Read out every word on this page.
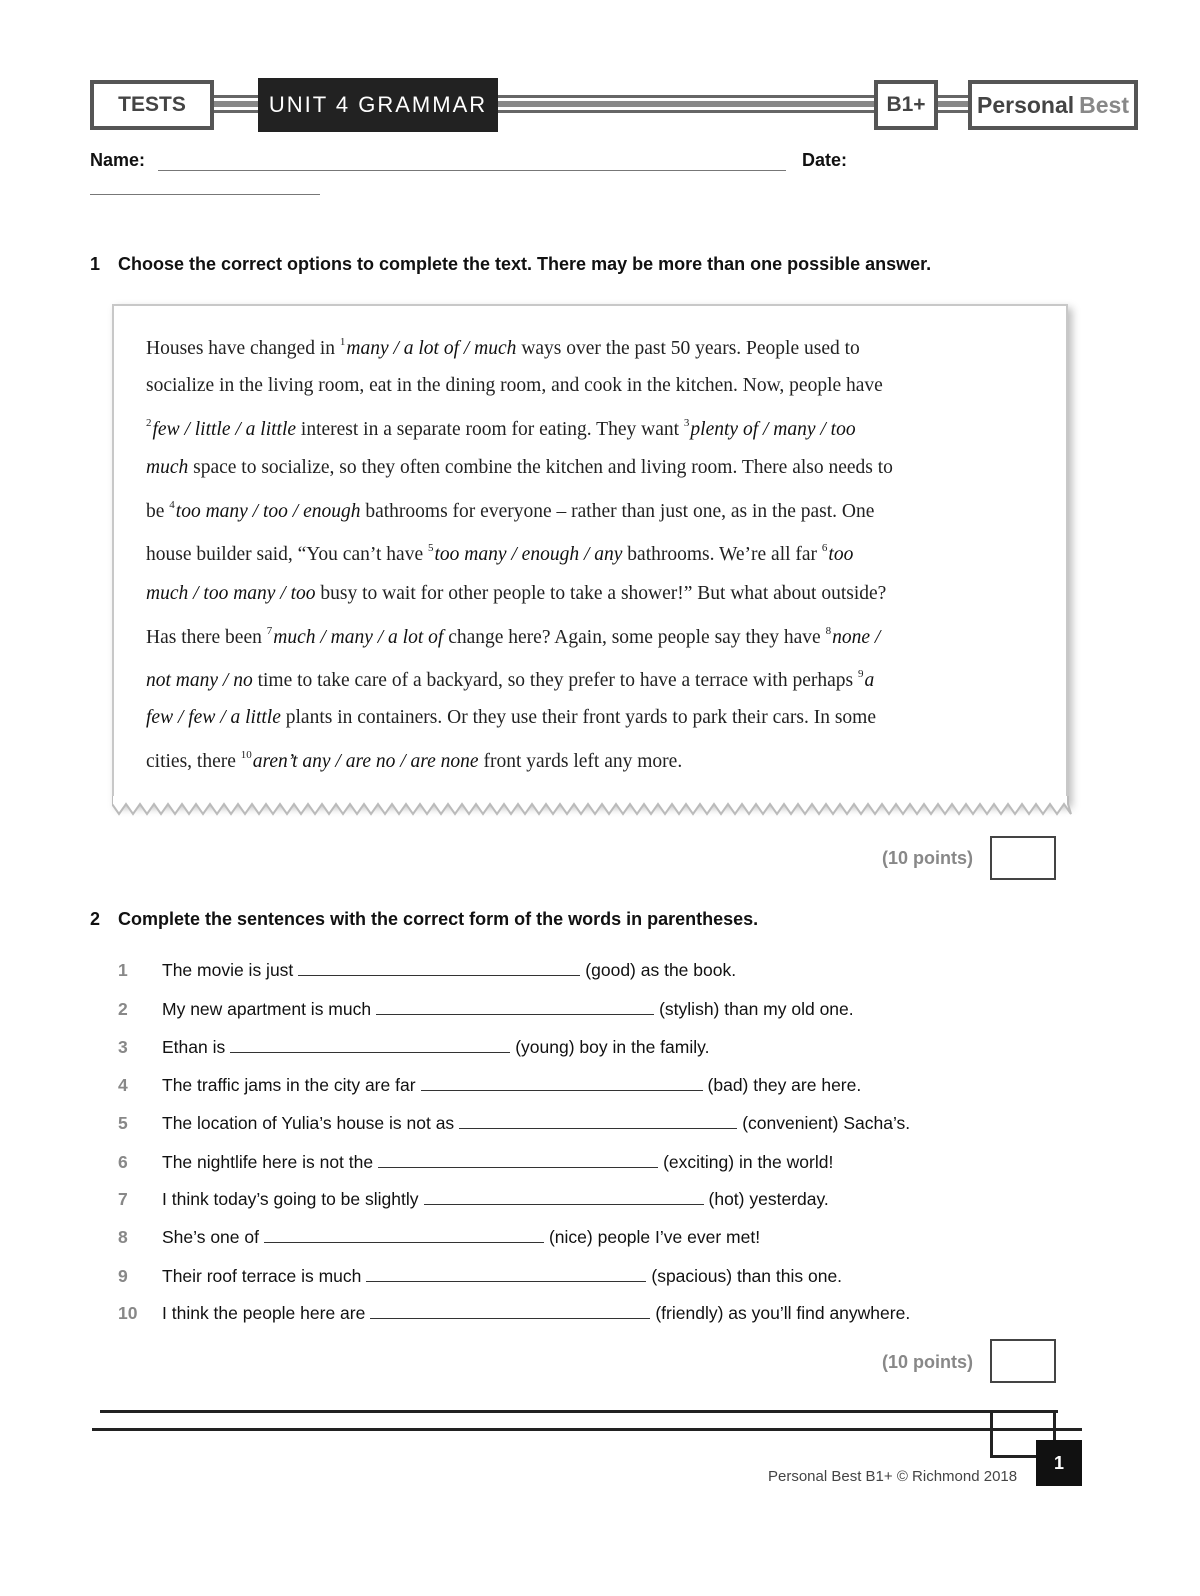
TESTS	UNIT 4 GRAMMAR	B1+	Personal Best
Name:	Date:
1 Choose the correct options to complete the text. There may be more than one possible answer.
Houses have changed in $^1$many / a lot of / much ways over the past 50 years. People used to
socialize in the living room, eat in the dining room, and cook in the kitchen. Now, people have
$^2$few / little / a little interest in a separate room for eating. They want $^3$plenty of / many / too
much space to socialize, so they often combine the kitchen and living room. There also needs to
be $^4$too many / too / enough bathrooms for everyone – rather than just one, as in the past. One
house builder said, “You can’t have $^5$too many / enough / any bathrooms. We’re all far $^6$too
much / too many / too busy to wait for other people to take a shower!” But what about outside?
Has there been $^7$much / many / a lot of change here? Again, some people say they have $^8$none /
not many / no time to take care of a backyard, so they prefer to have a terrace with perhaps $^9$a
few / few / a little plants in containers. Or they use their front yards to park their cars. In some
cities, there $^{10}$aren’t any / are no / are none front yards left any more.
(10 points)
2 Complete the sentences with the correct form of the words in parentheses.
1 The movie is just	(good) as the book.
2 My new apartment is much	(stylish) than my old one.
3 Ethan is	(young) boy in the family.
4 The traffic jams in the city are far	(bad) they are here.
5 The location of Yulia’s house is not as	(convenient) Sacha’s.
6 The nightlife here is not the	(exciting) in the world!
7 I think today’s going to be slightly	(hot) yesterday.
8 She’s one of	(nice) people I’ve ever met!
9 Their roof terrace is much	(spacious) than this one.
10 I think the people here are	(friendly) as you’ll find anywhere.
(10 points)
Personal Best B1+ © Richmond 2018
1
